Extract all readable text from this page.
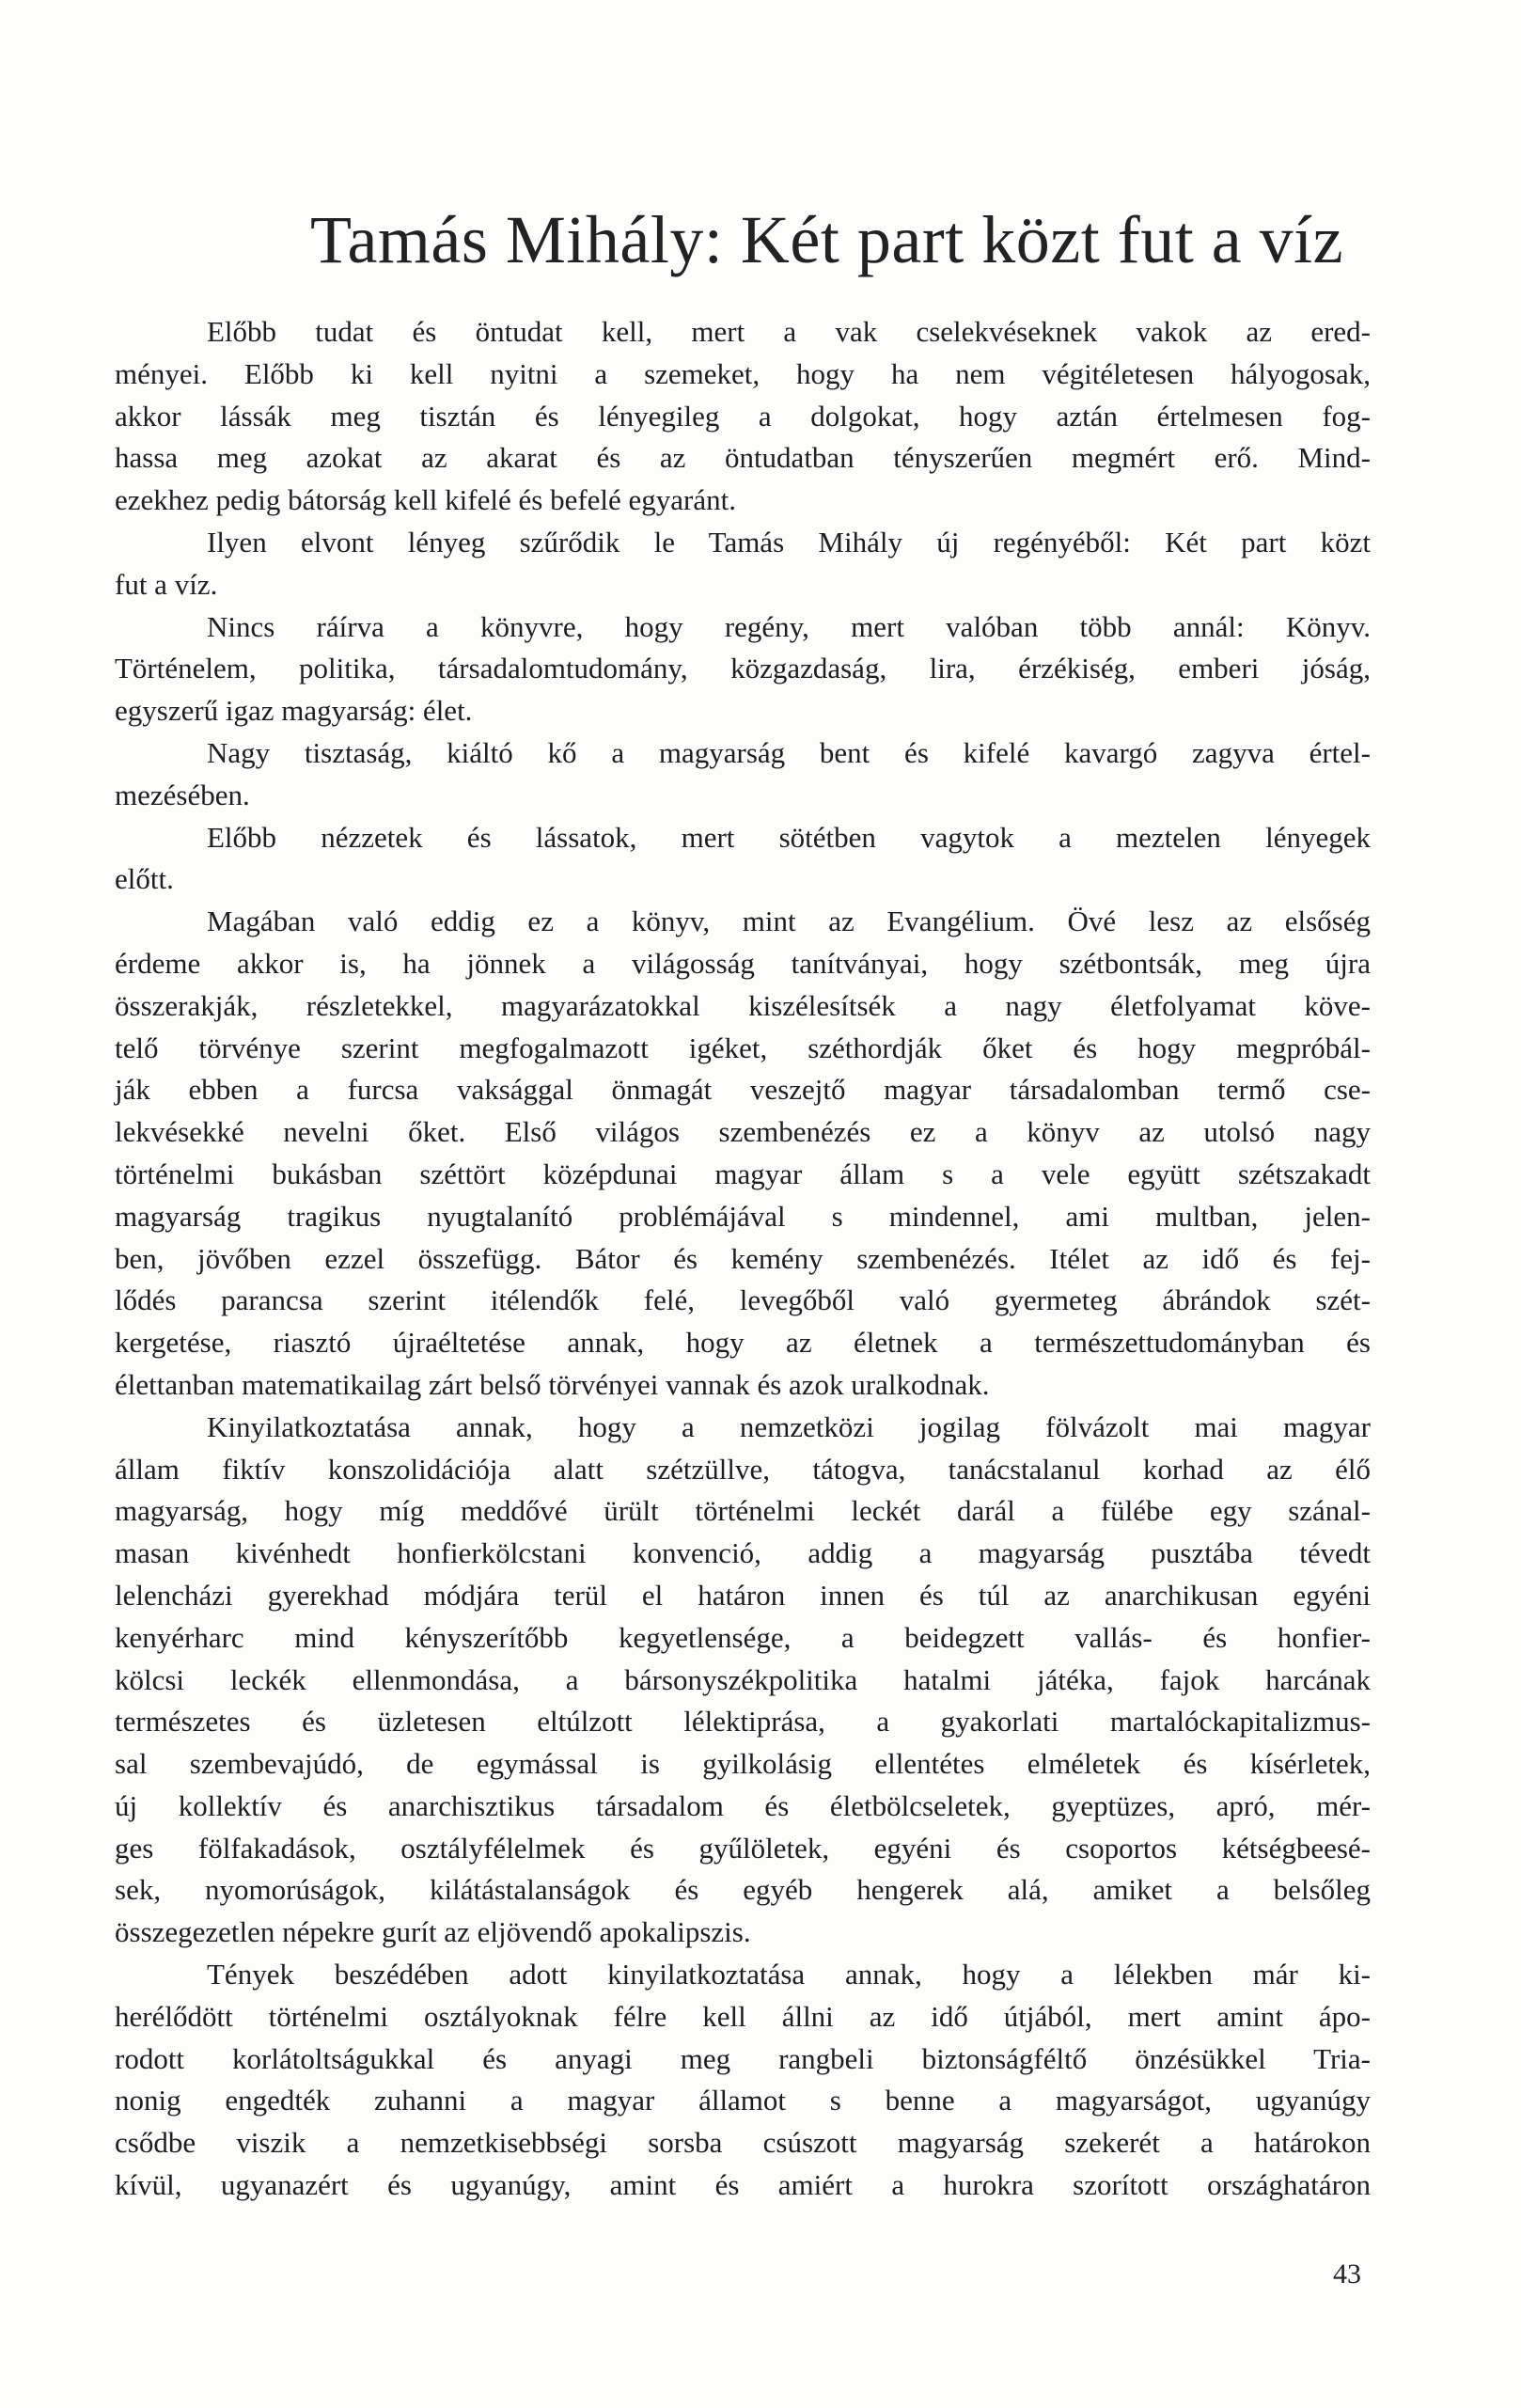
Tamás Mihály: Két part közt fut a víz
Előbb tudat és öntudat kell, mert a vak cselekvéseknek vakok az ered-
ményei. Előbb ki kell nyitni a szemeket, hogy ha nem végitéletesen hályogosak,
akkor lássák meg tisztán és lényegileg a dolgokat, hogy aztán értelmesen fog-
hassa meg azokat az akarat és az öntudatban tényszerűen megmért erő. Mind-
ezekhez pedig bátorság kell kifelé és befelé egyaránt.
Ilyen elvont lényeg szűrődik le Tamás Mihály új regényéből: Két part közt
fut a víz.
Nincs ráírva a könyvre, hogy regény, mert valóban több annál: Könyv.
Történelem, politika, társadalomtudomány, közgazdaság, lira, érzékiség, emberi jóság,
egyszerű igaz magyarság: élet.
Nagy tisztaság, kiáltó kő a magyarság bent és kifelé kavargó zagyva értel-
mezésében.
Előbb nézzetek és lássatok, mert sötétben vagytok a meztelen lényegek
előtt.
Magában való eddig ez a könyv, mint az Evangélium. Övé lesz az elsőség
érdeme akkor is, ha jönnek a világosság tanítványai, hogy szétbontsák, meg újra
összerakják, részletekkel, magyarázatokkal kiszélesítsék a nagy életfolyamat köve-
telő törvénye szerint megfogalmazott igéket, széthordják őket és hogy megpróbál-
ják ebben a furcsa vaksággal önmagát veszejtő magyar társadalomban termő cse-
lekvésekké nevelni őket. Első világos szembenézés ez a könyv az utolsó nagy
történelmi bukásban széttört középdunai magyar állam s a vele együtt szétszakadt
magyarság tragikus nyugtalanító problémájával s mindennel, ami multban, jelen-
ben, jövőben ezzel összefügg. Bátor és kemény szembenézés. Itélet az idő és fej-
lődés parancsa szerint itélendők felé, levegőből való gyermeteg ábrándok szét-
kergetése, riasztó újraéltetése annak, hogy az életnek a természettudományban és
élettanban matematikailag zárt belső törvényei vannak és azok uralkodnak.
Kinyilatkoztatása annak, hogy a nemzetközi jogilag fölvázolt mai magyar
állam fiktív konszolidációja alatt szétzüllve, tátogva, tanácstalanul korhad az élő
magyarság, hogy míg meddővé ürült történelmi leckét darál a fülébe egy szánal-
masan kivénhedt honfierkölcstani konvenció, addig a magyarság pusztába tévedt
lelencházi gyerekhad módjára terül el határon innen és túl az anarchikusan egyéni
kenyérharc mind kényszerítőbb kegyetlensége, a beidegzett vallás- és honfier-
kölcsi leckék ellenmondása, a bársonyszékpolitika hatalmi játéka, fajok harcának
természetes és üzletesen eltúlzott lélektiprása, a gyakorlati martalóckapitalizmus-
sal szembevajúdó, de egymással is gyilkolásig ellentétes elméletek és kísérletek,
új kollektív és anarchisztikus társadalom és életbölcseletek, gyeptüzes, apró, mér-
ges fölfakadások, osztályfélelmek és gyűlöletek, egyéni és csoportos kétségbeesé-
sek, nyomorúságok, kilátástalanságok és egyéb hengerek alá, amiket a belsőleg
összegezetlen népekre gurít az eljövendő apokalipszis.
Tények beszédében adott kinyilatkoztatása annak, hogy a lélekben már ki-
herélődött történelmi osztályoknak félre kell állni az idő útjából, mert amint ápo-
rodott korlátoltságukkal és anyagi meg rangbeli biztonságféltő önzésükkel Tria-
nonig engedték zuhanni a magyar államot s benne a magyarságot, ugyanúgy
csődbe viszik a nemzetkisebbségi sorsba csúszott magyarság szekerét a határokon
kívül, ugyanazért és ugyanúgy, amint és amiért a hurokra szorított országhatáron
43
